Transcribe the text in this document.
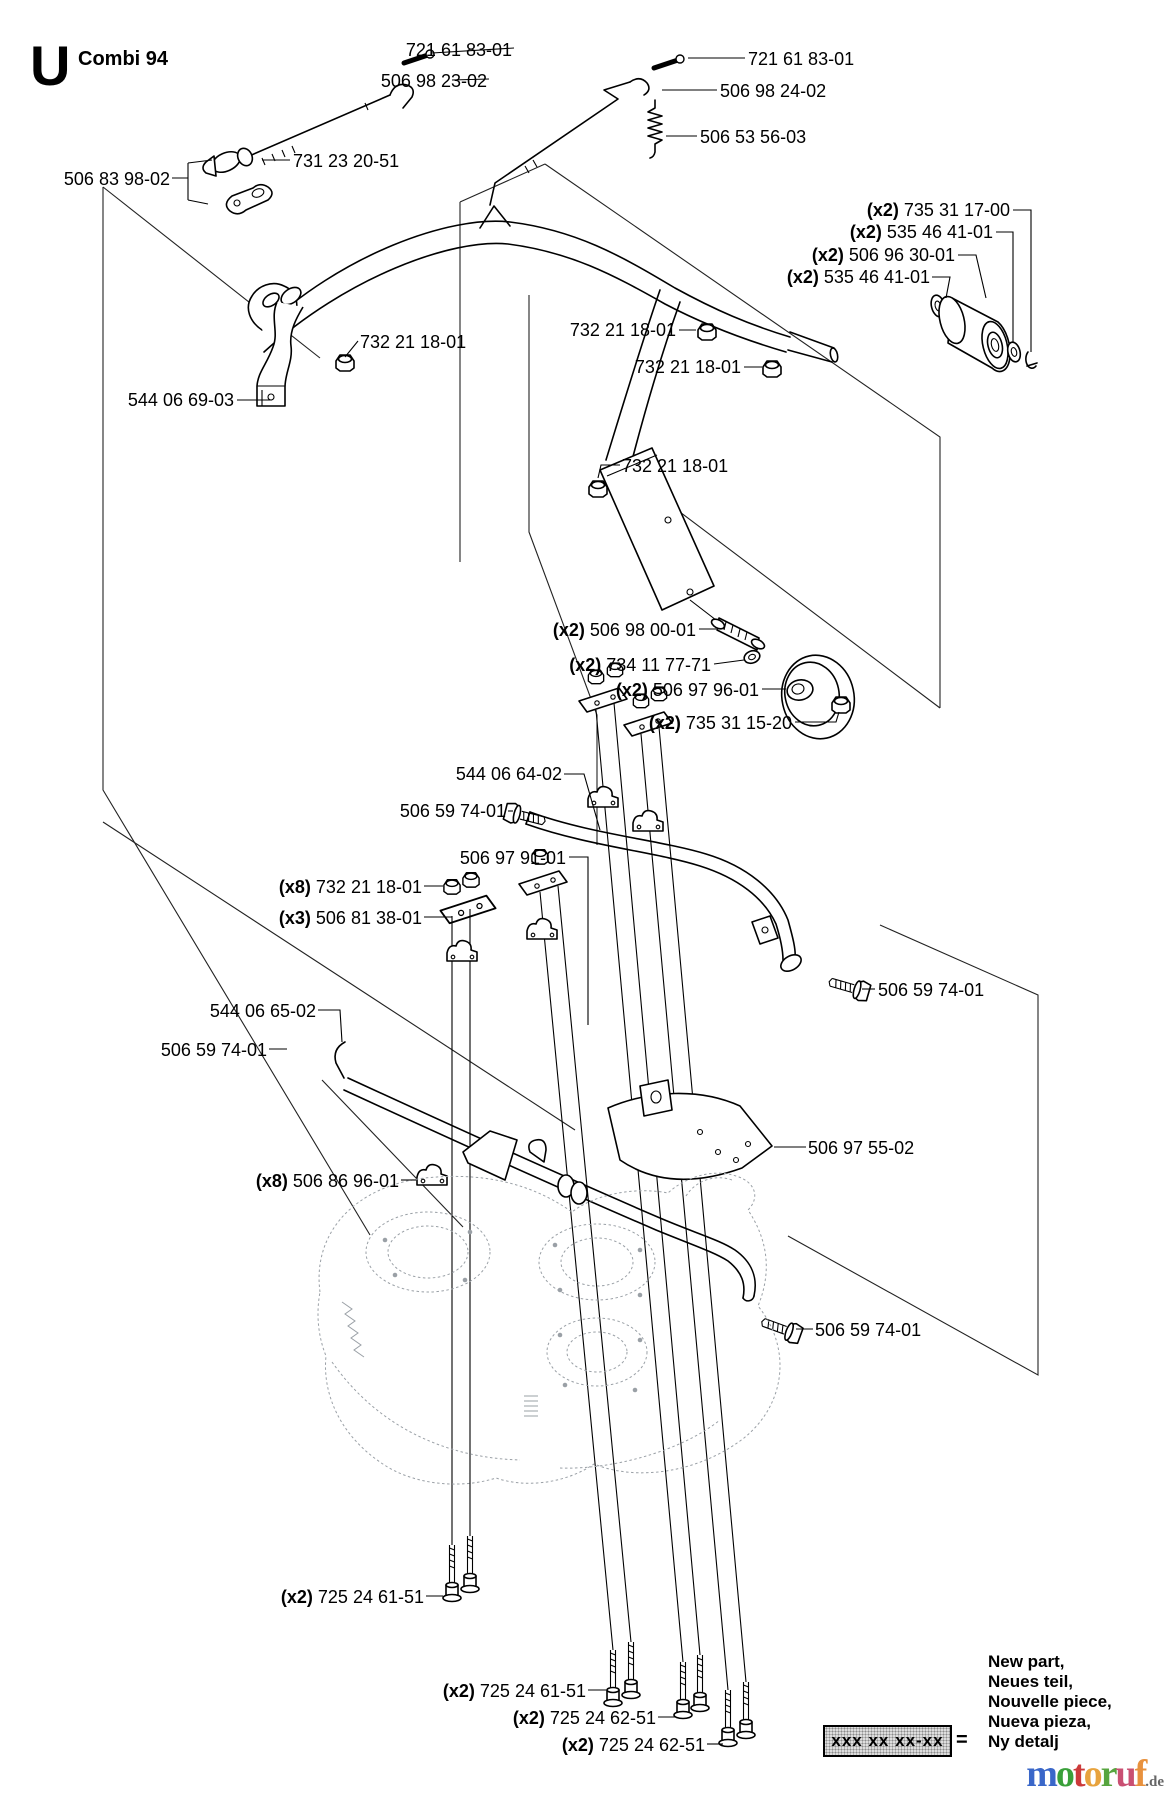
U Combi 94	721 61 83-01
506 98 23-02
721 61 83-01
506 98 24-02
506 53 56-03
731 23 20-51
506 83 98-02
(x2) 735 31 17-00
(x2) 535 46 41-01
(x2) 506 96 30-01
(x2) 535 46 41-01
732 21 18-01
732 21 18-01
732 21 18-01
544 06 69-03
732 21 18-01
(x2) 506 98 00-01
(x2) 734 11 77-71
(x2) 506 97 96-01
(x2) 735 31 15-20
544 06 64-02
506 59 74-01
506 97 91-01
(x8) 732 21 18-01
(x3) 506 81 38-01
544 06 65-02
506 59 74-01
506 59 74-01
(x8) 506 86 96-01
506 97 55-02
506 59 74-01
(x2) 725 24 61-51
(x2) 725 24 61-51
(x2) 725 24 62-51
(x2) 725 24 62-51
New part,
Neues teil,
Nouvelle piece,
Nueva pieza,
Ny detalj
xxx xx xx-xx =
motoruf.de
